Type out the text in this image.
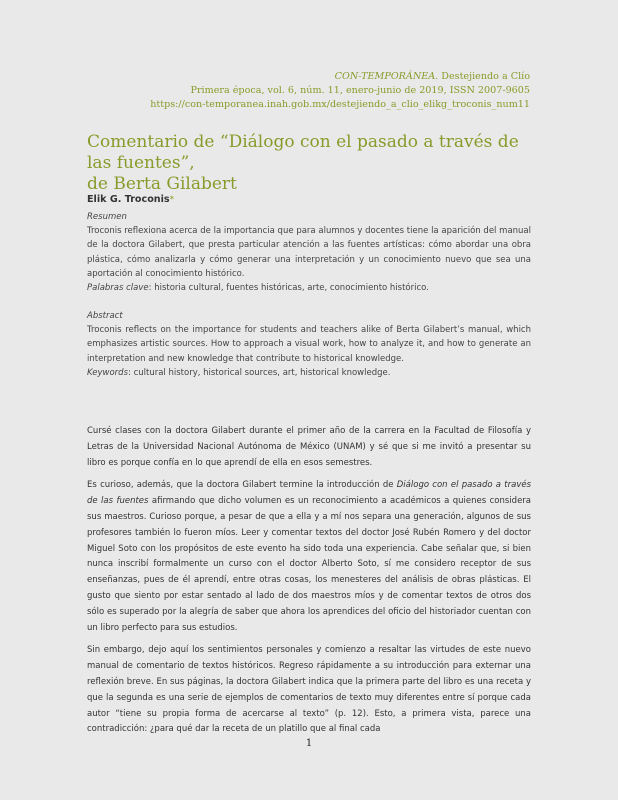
CON-TEMPORÁNEA. Destejiendo a Clío
Primera época, vol. 6, núm. 11, enero-junio de 2019, ISSN 2007-9605
https://con-temporanea.inah.gob.mx/destejiendo_a_clio_elikg_troconis_num11
Comentario de “Diálogo con el pasado a través de las fuentes”,
de Berta Gilabert
Elik G. Troconis*
Resumen
Troconis reflexiona acerca de la importancia que para alumnos y docentes tiene la aparición del manual de la doctora Gilabert, que presta particular atención a las fuentes artísticas: cómo abordar una obra plástica, cómo analizarla y cómo generar una interpretación y un conocimiento nuevo que sea una aportación al conocimiento histórico.
Palabras clave: historia cultural, fuentes históricas, arte, conocimiento histórico.
Abstract
Troconis reflects on the importance for students and teachers alike of Berta Gilabert’s manual, which emphasizes artistic sources. How to approach a visual work, how to analyze it, and how to generate an interpretation and new knowledge that contribute to historical knowledge.
Keywords: cultural history, historical sources, art, historical knowledge.

Cursé clases con la doctora Gilabert durante el primer año de la carrera en la Facultad de Filosofía y Letras de la Universidad Nacional Autónoma de México (UNAM) y sé que si me invitó a presentar su libro es porque confía en lo que aprendí de ella en esos semestres.

Es curioso, además, que la doctora Gilabert termine la introducción de Diálogo con el pasado a través de las fuentes afirmando que dicho volumen es un reconocimiento a académicos a quienes considera sus maestros. Curioso porque, a pesar de que a ella y a mí nos separa una generación, algunos de sus profesores también lo fueron míos. Leer y comentar textos del doctor José Rubén Romero y del doctor Miguel Soto con los propósitos de este evento ha sido toda una experiencia. Cabe señalar que, si bien nunca inscribí formalmente un curso con el doctor Alberto Soto, sí me considero receptor de sus enseñanzas, pues de él aprendí, entre otras cosas, los menesteres del análisis de obras plásticas. El gusto que siento por estar sentado al lado de dos maestros míos y de comentar textos de otros dos sólo es superado por la alegría de saber que ahora los aprendices del oficio del historiador cuentan con un libro perfecto para sus estudios.

Sin embargo, dejo aquí los sentimientos personales y comienzo a resaltar las virtudes de este nuevo manual de comentario de textos históricos. Regreso rápidamente a su introducción para externar una reflexión breve. En sus páginas, la doctora Gilabert indica que la primera parte del libro es una receta y que la segunda es una serie de ejemplos de comentarios de texto muy diferentes entre sí porque cada autor “tiene su propia forma de acercarse al texto” (p. 12). Esto, a primera vista, parece una contradicción: ¿para qué dar la receta de un platillo que al final cada

1
